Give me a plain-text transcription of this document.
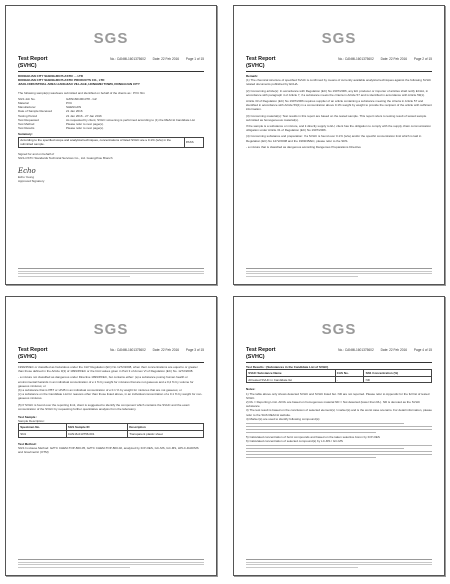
SGS
Test Report
(SVHC)
No.: CANML1601375602 Date: 22 Feb 2016 Page 1 of 15
DONGGUAN CITY SHENGJIN PLASTIC ... LTD
DONGGUAN CITY SHENGJIN PLASTIC PRODUCTS CO., LTD
JIAOLI INDUSTRIAL AREA LIANGJIAO VILLAGE, HONGMEI TOWN, DONGGUAN CITY
The following sample(s) was/were submitted and identified on behalf of the clients as : PVC film
SGS Job No.	GZIN1601001378 - GZ
Material	PVC
Manufacturer	SHENGJIN
Date of Sample Received	21 Jan 2016
Testing Period	21 Jan 2016 - 27 Jan 2016
Test Requested	As requested by client, SVHC screening is performed according to (1) the REACH Candidate List
Test Method	Please refer to next page(s).
Test Results	Please refer to next page(s).
Summary:
According to the specified scope and analytical techniques, concentrations of listed SVHC are ≤ 0.1% (w/w) in the submitted sample.	PASS
Signed for and on behalf of
SGS-CSTC Standards Technical Services Co., Ltd. Guangzhou Branch
Echo
Echo Yeung
Approved Signatory
SGS
Test Report
(SVHC)
No.: CANML1601375602 Date: 22 Feb 2016 Page 2 of 15
Remark:
(1) The chemical structure of specified SVHC is confirmed by means of currently available analytical techniques against the following SVHC related documents published by ECHA.
(2) Concerning article(s): In accordance with Regulation (EC) No 1907/2006, any EU producer or importer of articles shall notify ECHA, in accordance with paragraph 4 of Article 7, if a substance meets the criteria in Article 57 and is identified in accordance with Article 59(1).
Article 33 of Regulation (EC) No 1907/2006 requires supplier of an article containing a substance meeting the criteria in Article 57 and identified in accordance with Article 59(1) in a concentration above 0.1% weight by weight to provide the recipient of the article with sufficient information.
(3) Concerning material(s): Test results in this report are based on the tested sample. This report refers to testing result of tested sample submitted as homogeneous material(s).
If the sample is a substance or mixture, and it directly supply to EU, client has the obligation to comply with the supply chain communication obligation under Article 31 of Regulation (EC) No 1907/2006.
(4) Concerning substance and preparation: If a SVHC is found over 0.1% (w/w) and/or the specific concentration limit which is laid in Regulation (EC) No 1272/2008 and the 1999/45/EC, please refer to the SDS.
- a mixture that is classified as dangerous according Dangerous Preparations Directive
SGS
Test Report
(SVHC)
No.: CANML1601375602 Date: 22 Feb 2016 Page 3 of 15
1999/45/EC or classified as hazardous under the CLP Regulation (EC) No 1272/2008, when their concentrations are equal to or greater than those defined in the Article 3(3) of 1999/45/EC or the limit values given in Part 3 of Annex VI of Regulation (EC) No. 1272/2008.
- a mixture not classified as dangerous under Directive 1999/45/EC, but contains either: (a) a substance posing human health or environmental hazards in an individual concentration of ≥ 1 % by weight for mixtures that are not gaseous and ≥ 0,2 % by volume for gaseous mixtures; or
(b) a substance that is PBT or vPvB in an individual concentration of ≥ 0.1 % by weight for mixtures that are not gaseous; or
(c) a substance on the Candidate List for reasons other than those listed above, in an individual concentration of ≥ 0.1 % by weight for non-gaseous mixtures.
(5) If SVHC is found over the reporting limit, client is suggested to identify the component which contains the SVHC and the exact concentration of the SVHC by requesting further quantitative analysis from the laboratory.
Test Sample :
Sample Description:
Specimen No.	SGS Sample ID	Description
SN1	CAN16-013756.001	Transparent plastic sheet
Test Method:
SGS In-House Method: GZTC CHEM-TOP-800-05, GZTC CHEM-TOP-800-02, analyzed by ICP-OES, GC-MS, GC-MS, HPLC-DAD/MS and Gravimetric (OTM)
SGS
Test Report
(SVHC)
No.: CANML1601375602 Date: 22 Feb 2016 Page 4 of 15
Test Results : (Substances in the Candidate List of SVHC)
SVHC Substance Name	CAS No.	SN1 Concentration (%)
All tested SVHC in Candidate list	-	ND
Notes:
1) The table above only shows detected SVHC and SVHC listed but. ND are not reported. Please refer to Appendix for the full list of tested SVHC.
2) RL = Reporting Limit. All RL are based on homogenous material ND = Not detected (lower than RL). ND is denoted as the SVHC substance
3) The test result is based on the conclusion of selected element(s) / marker(s) and is the worst case scenario. For detail information, please refer to the SGS REACH website.
4) Marker(s) are used to identify following compound(s):
5) Calculated concentration of boric compounds and based on the taken selective boron by ICP-OES
6) Calculated concentration of selected compound(s) by LC-MS / GC-MS
